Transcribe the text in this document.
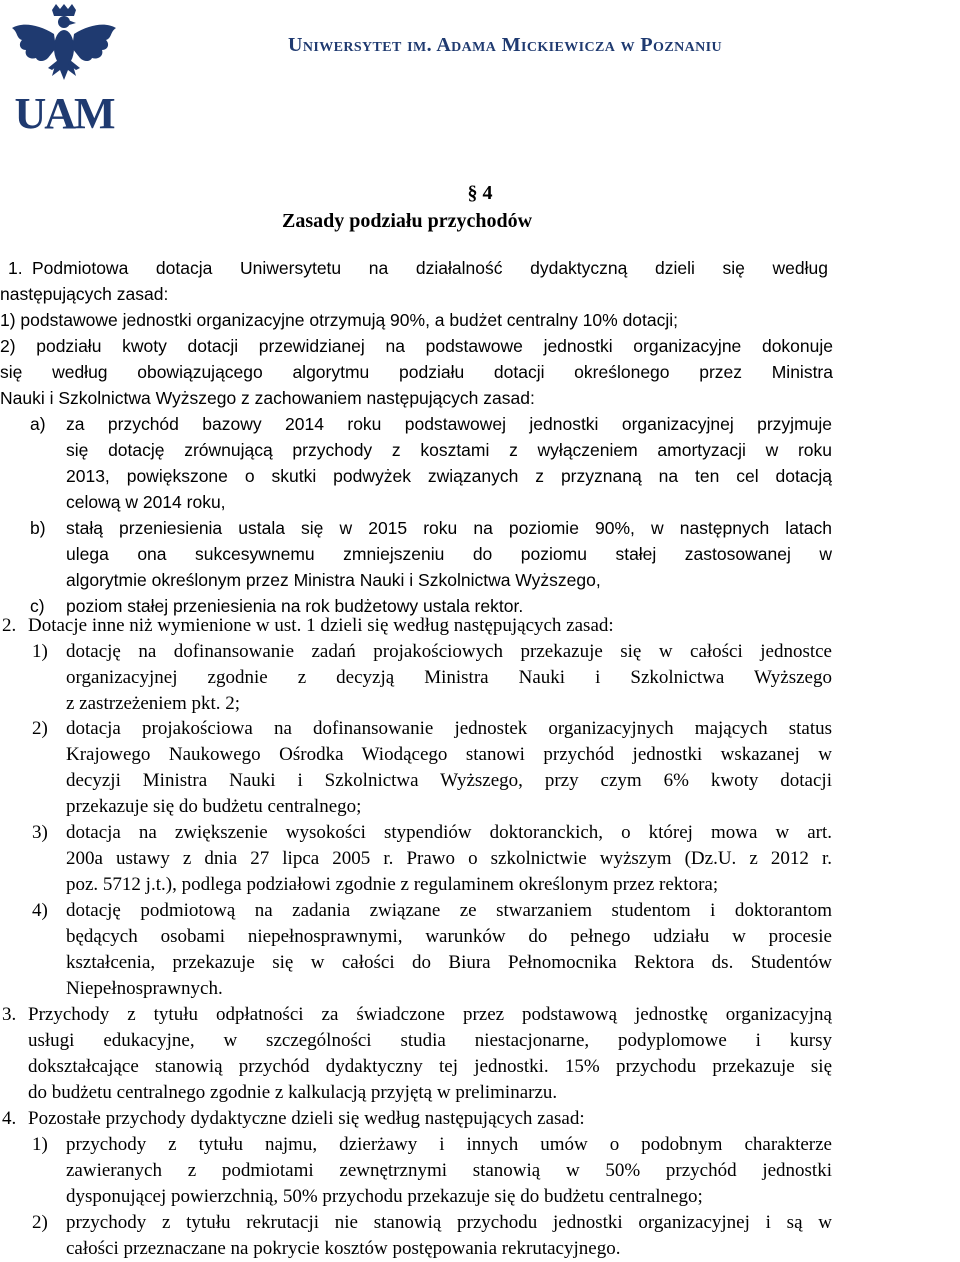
UAM
Uniwersytet im. Adama Mickiewicza w Poznaniu
§ 4
Zasady podziału przychodów
1. Podmiotowa dotacja Uniwersytetu na działalność dydaktyczną dzieli się według
następujących zasad:
1) podstawowe jednostki organizacyjne otrzymują 90%, a budżet centralny 10% dotacji;
2) podziału kwoty dotacji przewidzianej na podstawowe jednostki organizacyjne dokonuje
się według obowiązującego algorytmu podziału dotacji określonego przez Ministra
Nauki i Szkolnictwa Wyższego z zachowaniem następujących zasad:
a) za przychód bazowy 2014 roku podstawowej jednostki organizacyjnej przyjmuje
się dotację zrównującą przychody z kosztami z wyłączeniem amortyzacji w roku
2013, powiększone o skutki podwyżek związanych z przyznaną na ten cel dotacją
celową w 2014 roku,
b) stałą przeniesienia ustala się w 2015 roku na poziomie 90%, w następnych latach
ulega ona sukcesywnemu zmniejszeniu do poziomu stałej zastosowanej w
algorytmie określonym przez Ministra Nauki i Szkolnictwa Wyższego,
c) poziom stałej przeniesienia na rok budżetowy ustala rektor.
2. Dotacje inne niż wymienione w ust. 1 dzieli się według następujących zasad:
1) dotację na dofinansowanie zadań projakościowych przekazuje się w całości jednostce
organizacyjnej zgodnie z decyzją Ministra Nauki i Szkolnictwa Wyższego
z zastrzeżeniem pkt. 2;
2) dotacja projakościowa na dofinansowanie jednostek organizacyjnych mających status
Krajowego Naukowego Ośrodka Wiodącego stanowi przychód jednostki wskazanej w
decyzji Ministra Nauki i Szkolnictwa Wyższego, przy czym 6% kwoty dotacji
przekazuje się do budżetu centralnego;
3) dotacja na zwiększenie wysokości stypendiów doktoranckich, o której mowa w art.
200a ustawy z dnia 27 lipca 2005 r. Prawo o szkolnictwie wyższym (Dz.U. z 2012 r.
poz. 5712 j.t.), podlega podziałowi zgodnie z regulaminem określonym przez rektora;
4) dotację podmiotową na zadania związane ze stwarzaniem studentom i doktorantom
będących osobami niepełnosprawnymi, warunków do pełnego udziału w procesie
kształcenia, przekazuje się w całości do Biura Pełnomocnika Rektora ds. Studentów
Niepełnosprawnych.
3. Przychody z tytułu odpłatności za świadczone przez podstawową jednostkę organizacyjną
usługi edukacyjne, w szczególności studia niestacjonarne, podyplomowe i kursy
dokształcające stanowią przychód dydaktyczny tej jednostki. 15% przychodu przekazuje się
do budżetu centralnego zgodnie z kalkulacją przyjętą w preliminarzu.
4. Pozostałe przychody dydaktyczne dzieli się według następujących zasad:
1) przychody z tytułu najmu, dzierżawy i innych umów o podobnym charakterze
zawieranych z podmiotami zewnętrznymi stanowią w 50% przychód jednostki
dysponującej powierzchnią, 50% przychodu przekazuje się do budżetu centralnego;
2) przychody z tytułu rekrutacji nie stanowią przychodu jednostki organizacyjnej i są w
całości przeznaczane na pokrycie kosztów postępowania rekrutacyjnego.
